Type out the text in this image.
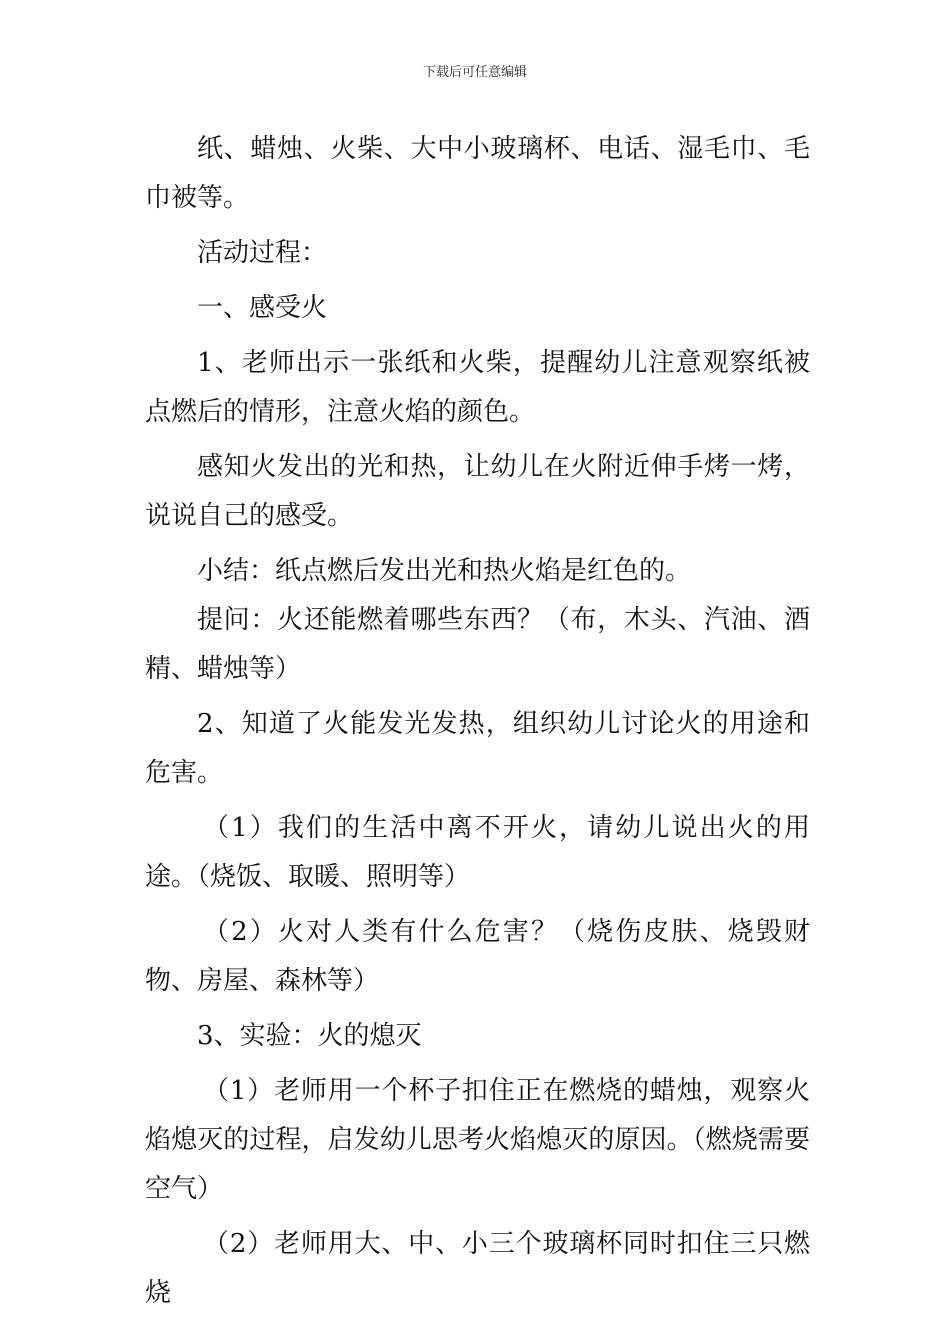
下载后可任意编辑

纸、蜡烛、火柴、大中小玻璃杯、电话、湿毛巾、毛巾被等。

活动过程：

一、感受火

1、老师出示一张纸和火柴，提醒幼儿注意观察纸被点燃后的情形，注意火焰的颜色。

感知火发出的光和热，让幼儿在火附近伸手烤一烤，说说自己的感受。

小结：纸点燃后发出光和热火焰是红色的。

提问：火还能燃着哪些东西？（布，木头、汽油、酒精、蜡烛等）

2、知道了火能发光发热，组织幼儿讨论火的用途和危害。

（1）我们的生活中离不开火，请幼儿说出火的用途。（烧饭、取暖、照明等）

（2）火对人类有什么危害？（烧伤皮肤、烧毁财物、房屋、森林等）

3、实验：火的熄灭

（1）老师用一个杯子扣住正在燃烧的蜡烛，观察火焰熄灭的过程，启发幼儿思考火焰熄灭的原因。（燃烧需要空气）

（2）老师用大、中、小三个玻璃杯同时扣住三只燃烧
